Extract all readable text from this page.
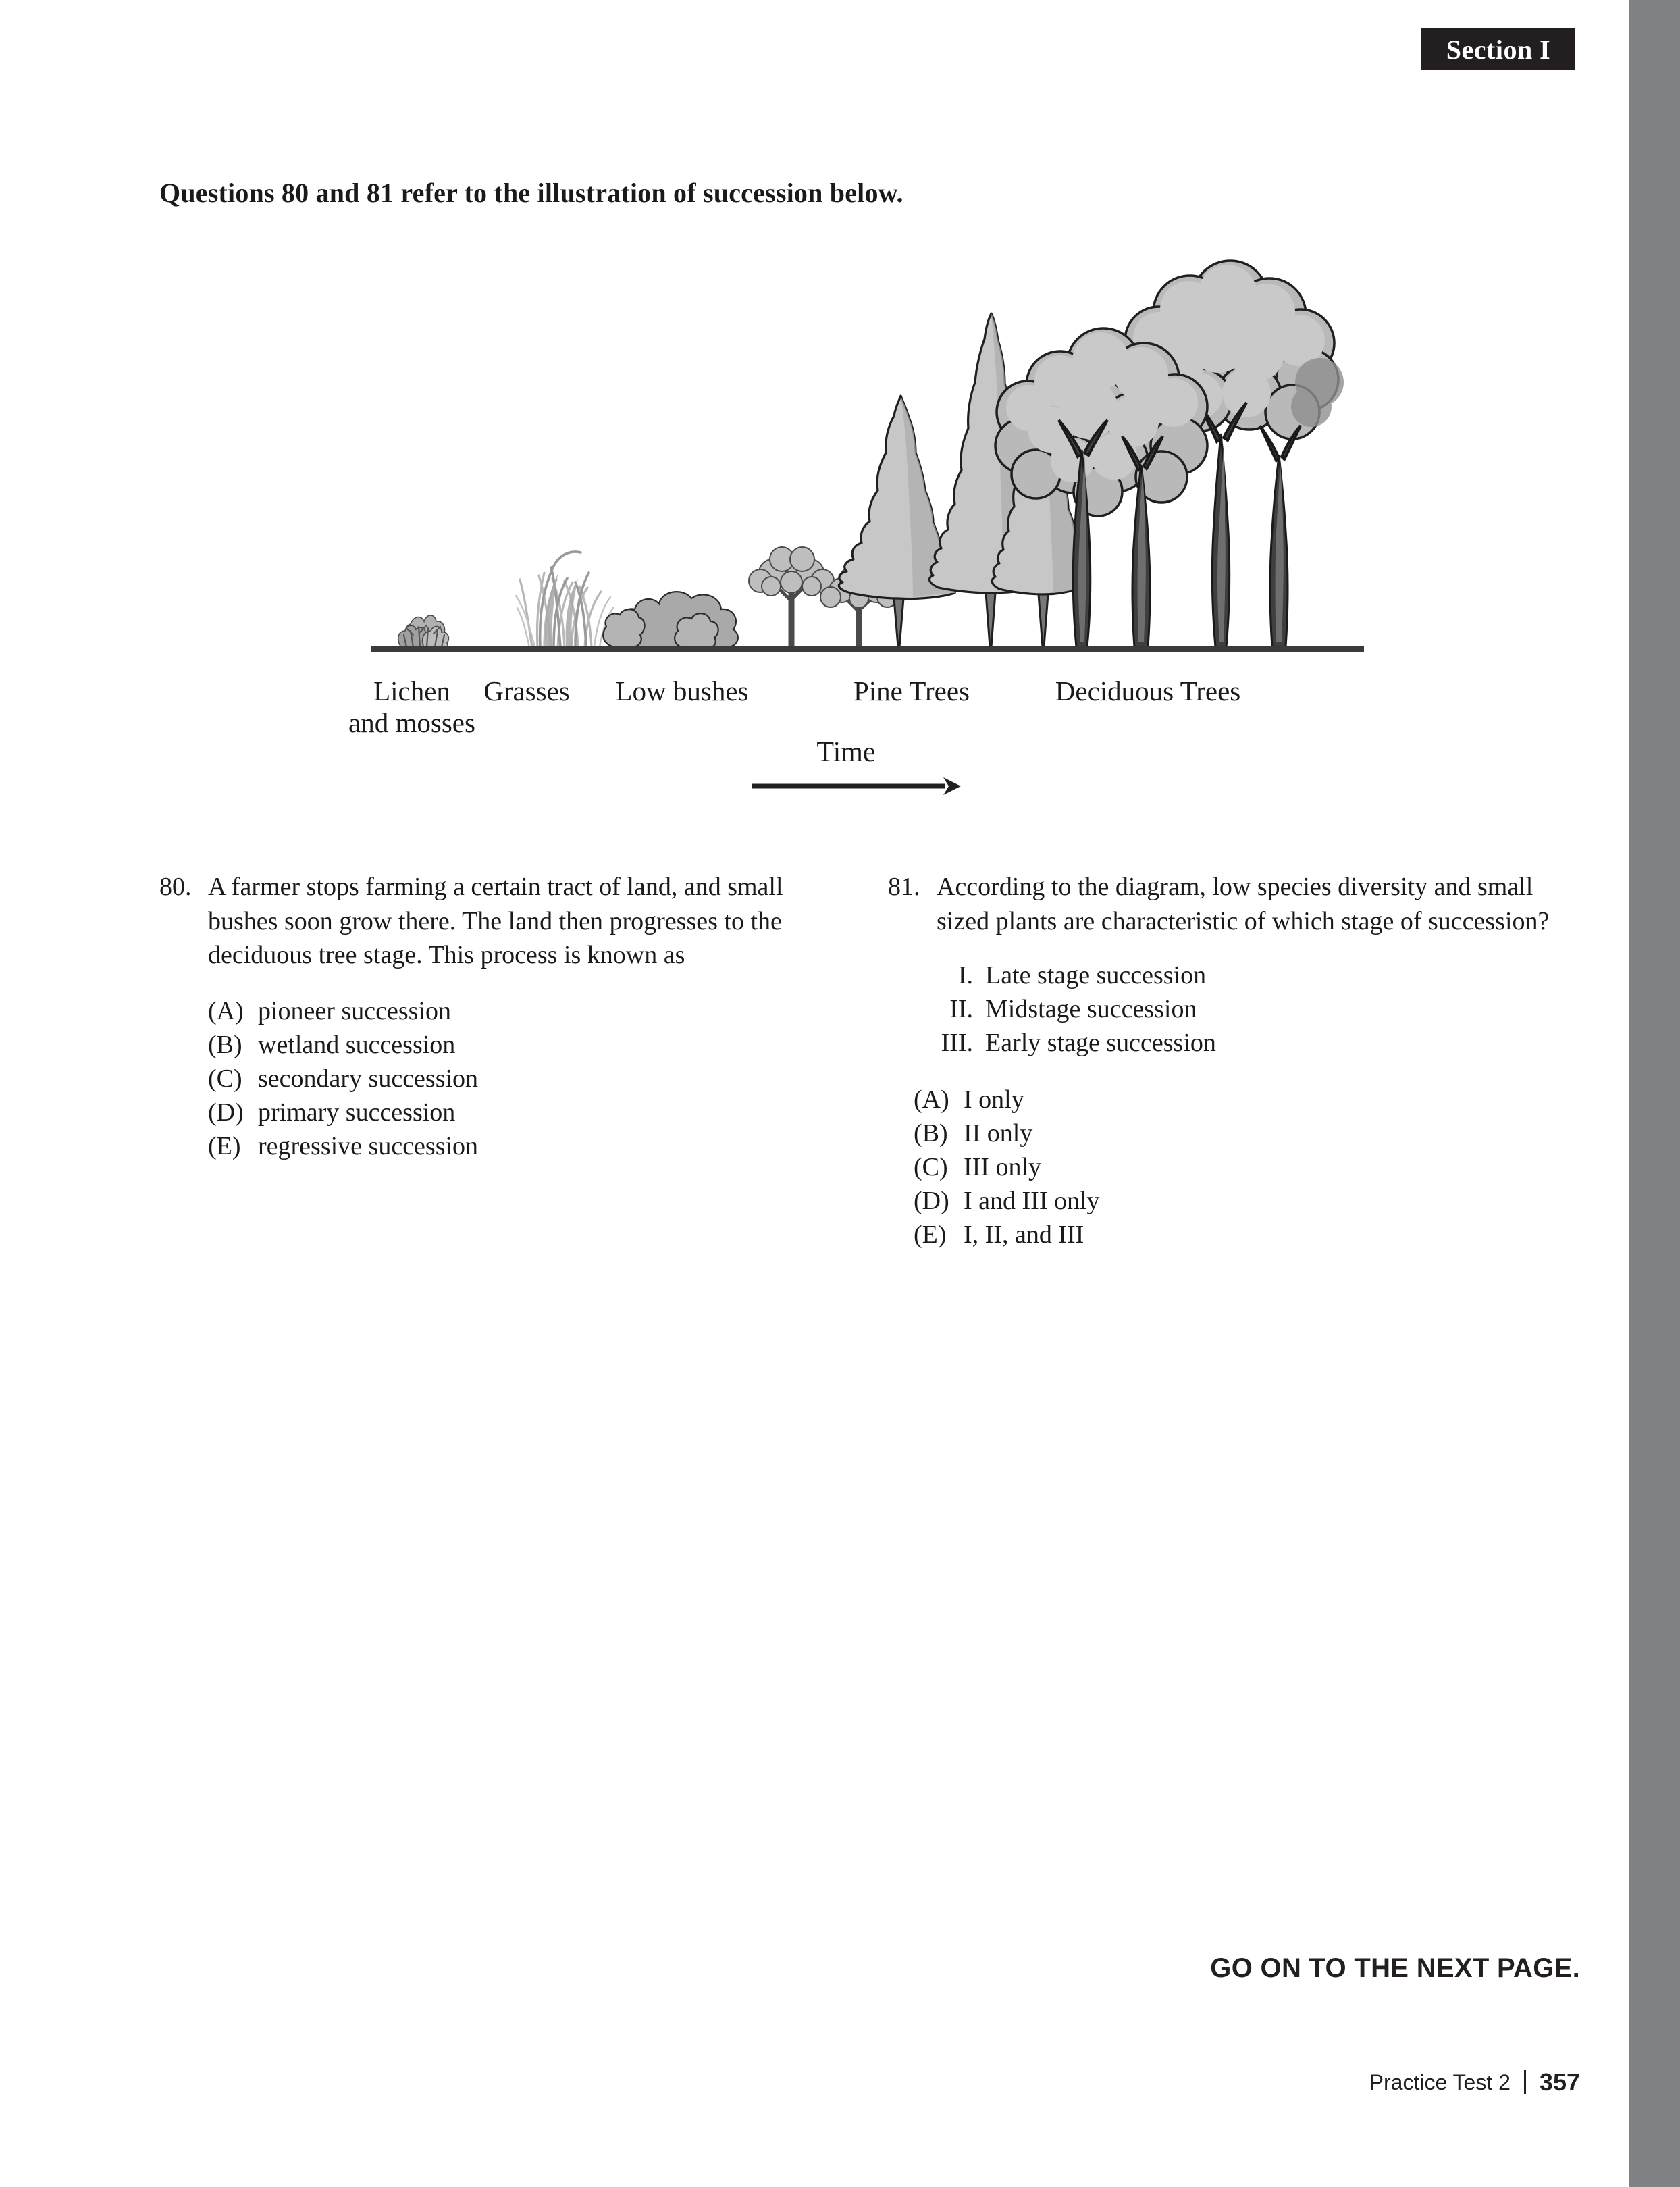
Section I
Questions 80 and 81 refer to the illustration of succession below.
Lichen
and mosses
Grasses	Low bushes	Pine Trees	Deciduous Trees
Time
80. A farmer stops farming a certain tract of land, and small bushes soon grow there. The land then progresses to the deciduous tree stage. This process is known as
(A) pioneer succession
(B) wetland succession
(C) secondary succession
(D) primary succession
(E) regressive succession
81. According to the diagram, low species diversity and small sized plants are characteristic of which stage of succession?
I. Late stage succession
II. Midstage succession
III. Early stage succession
(A) I only
(B) II only
(C) III only
(D) I and III only
(E) I, II, and III
GO ON TO THE NEXT PAGE.
Practice Test 2 357
